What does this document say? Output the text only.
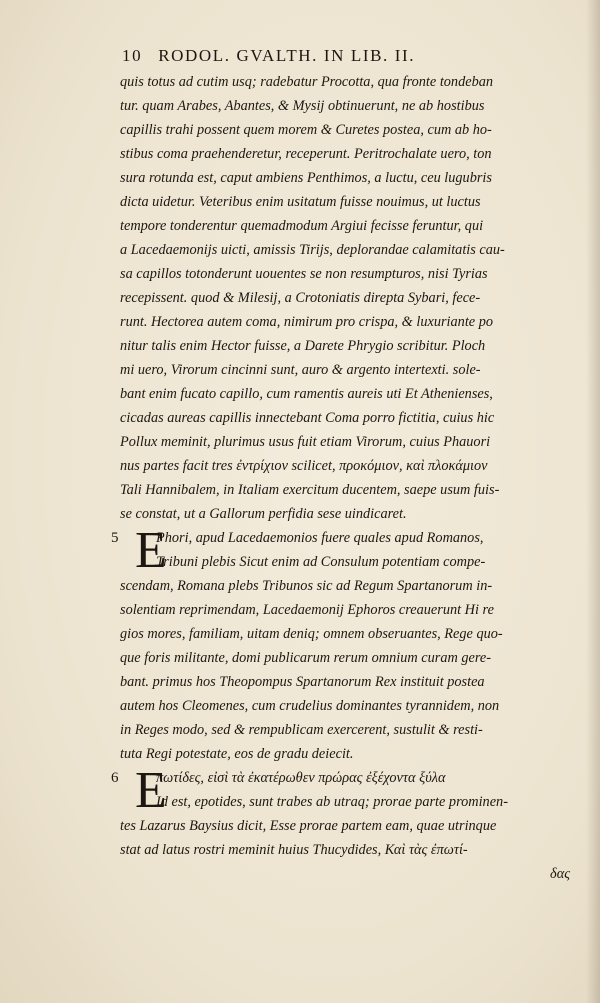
10 RODOL. GVALTH. IN LIB. II.
quis totus ad cutim usq; radebatur Procotta, qua fronte tondeban
tur. quam Arabes, Abantes, & Mysij obtinuerunt, ne ab hostibus
capillis trahi possent quem morem & Curetes postea, cum ab ho-
stibus coma praehenderetur, receperunt. Peritrochalate uero, ton
sura rotunda est, caput ambiens Penthimos, a luctu, ceu lugubris
dicta uidetur. Veteribus enim usitatum fuisse nouimus, ut luctus
tempore tonderentur quemadmodum Argiui fecisse feruntur, qui
a Lacedaemonijs uicti, amissis Tirijs, deplorandae calamitatis cau-
sa capillos totonderunt uouentes se non resumpturos, nisi Tyrias
recepissent. quod & Milesij, a Crotoniatis direpta Sybari, fece-
runt. Hectorea autem coma, nimirum pro crispa, & luxuriante po
nitur talis enim Hector fuisse, a Darete Phrygio scribitur. Ploch
mi uero, Virorum cincinni sunt, auro & argento intertexti. sole-
bant enim fucato capillo, cum ramentis aureis uti Et Athenienses,
cicadas aureas capillis innectebant Coma porro fictitia, cuius hic
Pollux meminit, plurimus usus fuit etiam Virorum, cuius Phauori
nus partes facit tres ἐντρίχιον scilicet, προκόμιον, καὶ πλοκάμιον
Tali Hannibalem, in Italiam exercitum ducentem, saepe usum fuis-
se constat, ut a Gallorum perfidia sese uindicaret.
5 E
Phori, apud Lacedaemonios fuere quales apud Romanos,
Tribuni plebis Sicut enim ad Consulum potentiam compe-
scendam, Romana plebs Tribunos sic ad Regum Spartanorum in-
solentiam reprimendam, Lacedaemonij Ephoros creauerunt Hi re
gios mores, familiam, uitam deniq; omnem obseruantes, Rege quo-
que foris militante, domi publicarum rerum omnium curam gere-
bant. primus hos Theopompus Spartanorum Rex instituit postea
autem hos Cleomenes, cum crudelius dominantes tyrannidem, non
in Reges modo, sed & rempublicam exercerent, sustulit & resti-
tuta Regi potestate, eos de gradu deiecit.
6 E
πωτίδες, εἰσὶ τὰ ἐκατέρωθεν πρώρας ἐξέχοντα ξύλα
Id est, epotides, sunt trabes ab utraq; prorae parte prominen-
tes Lazarus Baysius dicit, Esse prorae partem eam, quae utrinque
stat ad latus rostri meminit huius Thucydides, Καὶ τὰς ἐπωτί-
δας
